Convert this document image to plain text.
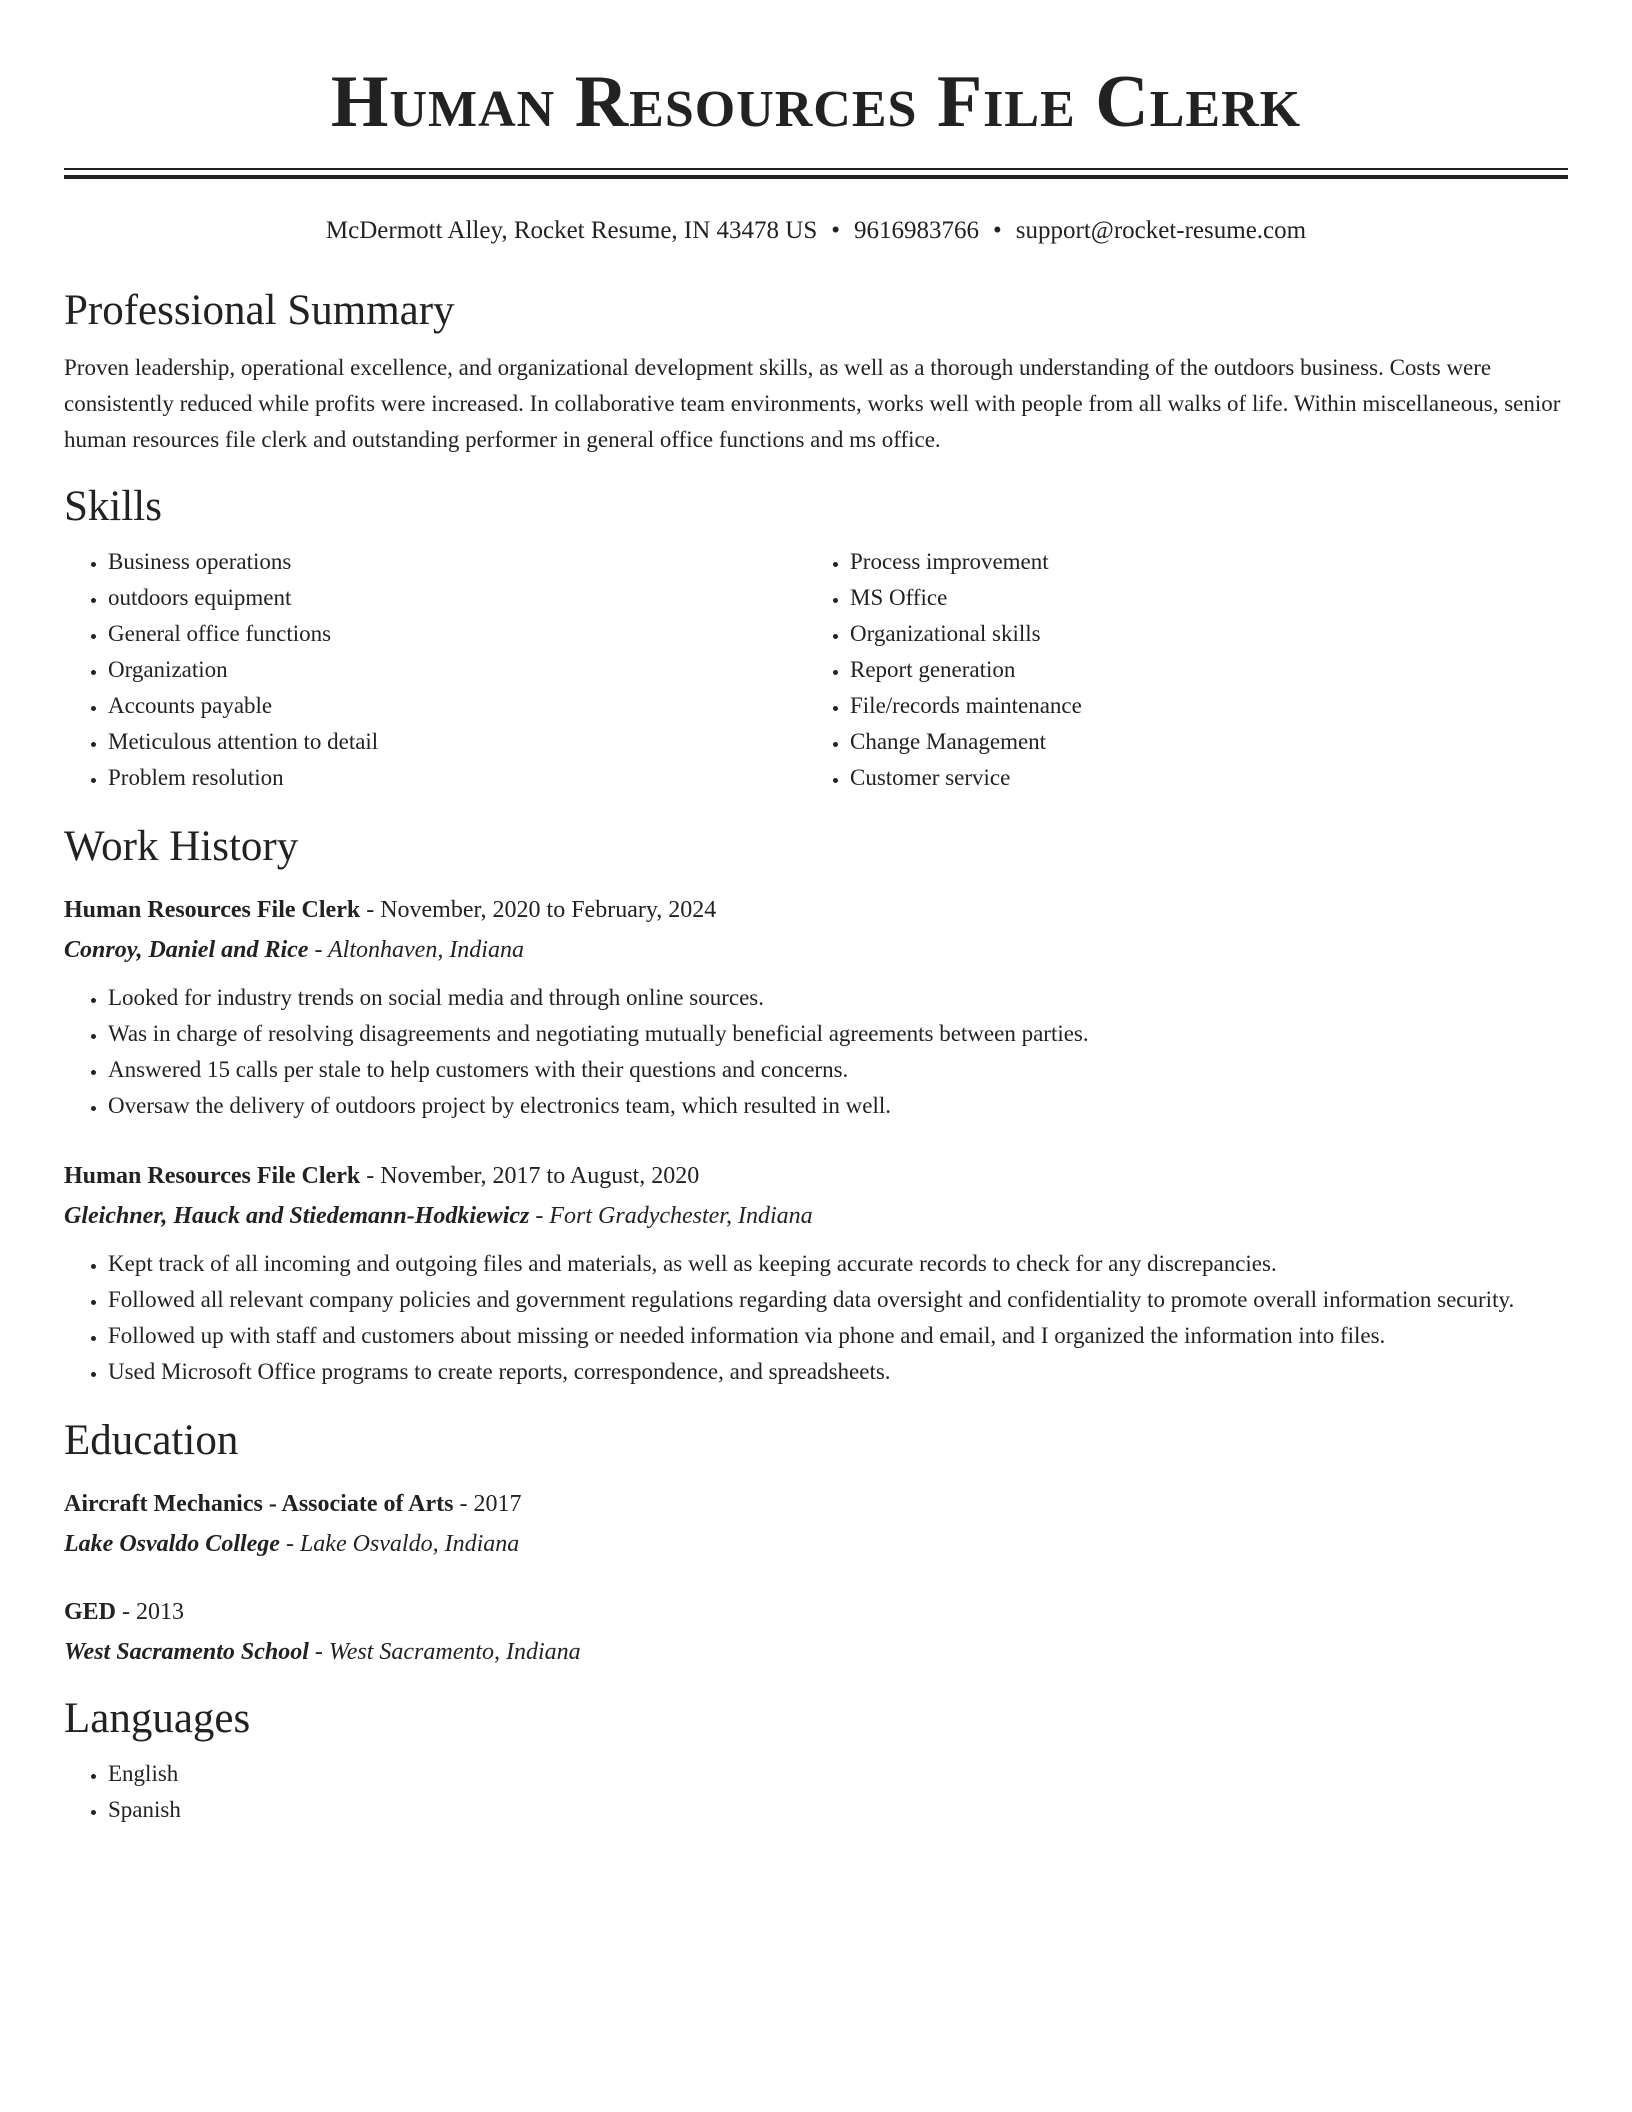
Human Resources File Clerk
McDermott Alley, Rocket Resume, IN 43478 US • 9616983766 • support@rocket-resume.com
Professional Summary

Proven leadership, operational excellence, and organizational development skills, as well as a thorough understanding of the outdoors business. Costs were consistently reduced while profits were increased. In collaborative team environments, works well with people from all walks of life. Within miscellaneous, senior human resources file clerk and outstanding performer in general office functions and ms office.

Skills
• Business operations
• outdoors equipment
• General office functions
• Organization
• Accounts payable
• Meticulous attention to detail
• Problem resolution
• Process improvement
• MS Office
• Organizational skills
• Report generation
• File/records maintenance
• Change Management
• Customer service
Work History

Human Resources File Clerk - November, 2020 to February, 2024

Conroy, Daniel and Rice - Altonhaven, Indiana

• Looked for industry trends on social media and through online sources.
• Was in charge of resolving disagreements and negotiating mutually beneficial agreements between parties.
• Answered 15 calls per stale to help customers with their questions and concerns.
• Oversaw the delivery of outdoors project by electronics team, which resulted in well.

Human Resources File Clerk - November, 2017 to August, 2020

Gleichner, Hauck and Stiedemann-Hodkiewicz - Fort Gradychester, Indiana

• Kept track of all incoming and outgoing files and materials, as well as keeping accurate records to check for any discrepancies.
• Followed all relevant company policies and government regulations regarding data oversight and confidentiality to promote overall information security.
• Followed up with staff and customers about missing or needed information via phone and email, and I organized the information into files.
• Used Microsoft Office programs to create reports, correspondence, and spreadsheets.
Education

Aircraft Mechanics - Associate of Arts - 2017

Lake Osvaldo College - Lake Osvaldo, Indiana

GED - 2013

West Sacramento School - West Sacramento, Indiana

Languages
• English
• Spanish
